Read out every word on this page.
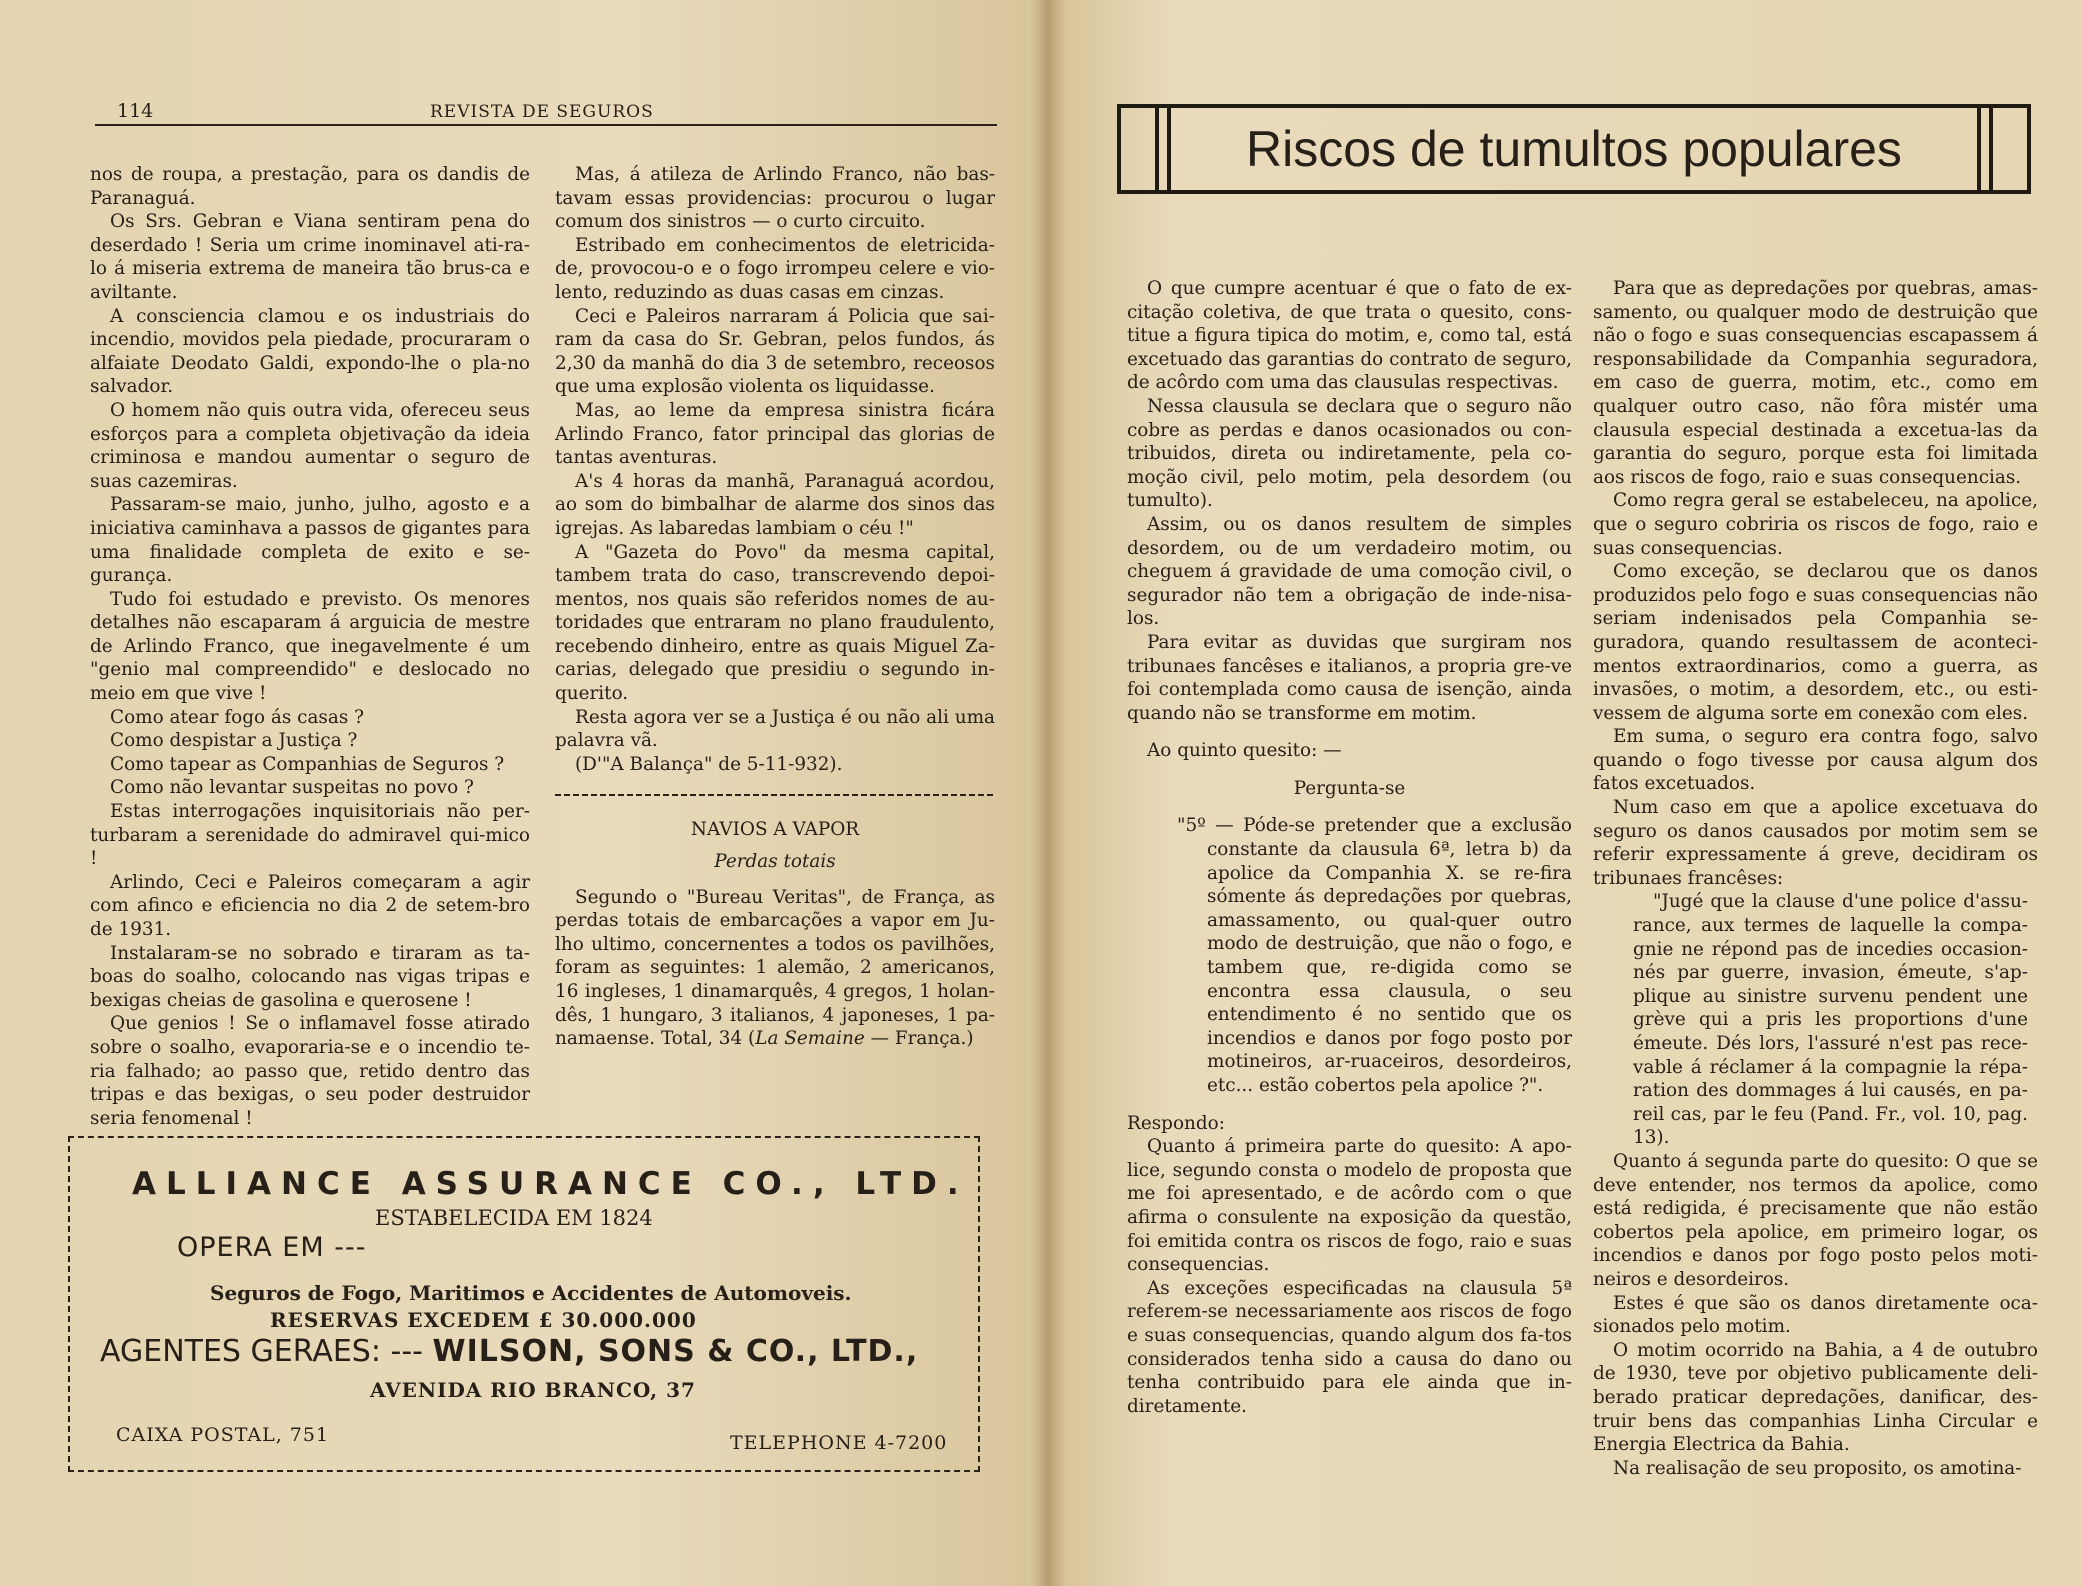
114	REVISTA DE SEGUROS

nos de roupa, a prestação, para os dandis de Paranaguá.

Os Srs. Gebran e Viana sentiram pena do deserdado ! Seria um crime inominavel ati-ra-lo á miseria extrema de maneira tão brus-ca e aviltante.

A consciencia clamou e os industriais do incendio, movidos pela piedade, procuraram o alfaiate Deodato Galdi, expondo-lhe o pla-no salvador.

O homem não quis outra vida, ofereceu seus esforços para a completa objetivação da ideia criminosa e mandou aumentar o seguro de suas cazemiras.

Passaram-se maio, junho, julho, agosto e a iniciativa caminhava a passos de gigantes para uma finalidade completa de exito e se-gurança.

Tudo foi estudado e previsto. Os menores detalhes não escaparam á arguicia de mestre de Arlindo Franco, que inegavelmente é um "genio mal compreendido" e deslocado no meio em que vive !

Como atear fogo ás casas ?

Como despistar a Justiça ?

Como tapear as Companhias de Seguros ?

Como não levantar suspeitas no povo ?

Estas interrogações inquisitoriais não per-turbaram a serenidade do admiravel qui-mico !

Arlindo, Ceci e Paleiros começaram a agir com afinco e eficiencia no dia 2 de setem-bro de 1931.

Instalaram-se no sobrado e tiraram as ta-boas do soalho, colocando nas vigas tripas e bexigas cheias de gasolina e querosene !

Que genios ! Se o inflamavel fosse atirado sobre o soalho, evaporaria-se e o incendio te-ria falhado; ao passo que, retido dentro das tripas e das bexigas, o seu poder destruidor seria fenomenal !

Mas, á atileza de Arlindo Franco, não bas-tavam essas providencias: procurou o lugar comum dos sinistros — o curto circuito.

Estribado em conhecimentos de eletricida-de, provocou-o e o fogo irrompeu celere e vio-lento, reduzindo as duas casas em cinzas.

Ceci e Paleiros narraram á Policia que sai-ram da casa do Sr. Gebran, pelos fundos, ás 2,30 da manhã do dia 3 de setembro, receosos que uma explosão violenta os liquidasse.

Mas, ao leme da empresa sinistra ficára Arlindo Franco, fator principal das glorias de tantas aventuras.

A's 4 horas da manhã, Paranaguá acordou, ao som do bimbalhar de alarme dos sinos das igrejas. As labaredas lambiam o céu !"

A "Gazeta do Povo" da mesma capital, tambem trata do caso, transcrevendo depoi-mentos, nos quais são referidos nomes de au-toridades que entraram no plano fraudulento, recebendo dinheiro, entre as quais Miguel Za-carias, delegado que presidiu o segundo in-querito.

Resta agora ver se a Justiça é ou não ali uma palavra vã.

(D'"A Balança" de 5-11-932).

NAVIOS A VAPOR

Perdas totais

Segundo o "Bureau Veritas", de França, as perdas totais de embarcações a vapor em Ju-lho ultimo, concernentes a todos os pavilhões, foram as seguintes: 1 alemão, 2 americanos, 16 ingleses, 1 dinamarquês, 4 gregos, 1 holan-dês, 1 hungaro, 3 italianos, 4 japoneses, 1 pa-namaense. Total, 34 (La Semaine — França.)

ALLIANCE ASSURANCE CO., LTD.
ESTABELECIDA EM 1824
OPERA EM ---
Seguros de Fogo, Maritimos e Accidentes de Automoveis.
RESERVAS EXCEDEM £ 30.000.000
AGENTES GERAES: --- WILSON, SONS & CO., LTD.,
AVENIDA RIO BRANCO, 37
CAIXA POSTAL, 751	TELEPHONE 4-7200
Riscos de tumultos populares

O que cumpre acentuar é que o fato de ex-citação coletiva, de que trata o quesito, cons-titue a figura tipica do motim, e, como tal, está excetuado das garantias do contrato de seguro, de acôrdo com uma das clausulas respectivas.

Nessa clausula se declara que o seguro não cobre as perdas e danos ocasionados ou con-tribuidos, direta ou indiretamente, pela co-moção civil, pelo motim, pela desordem (ou tumulto).

Assim, ou os danos resultem de simples desordem, ou de um verdadeiro motim, ou cheguem á gravidade de uma comoção civil, o segurador não tem a obrigação de inde-nisa-los.

Para evitar as duvidas que surgiram nos tribunaes fancêses e italianos, a propria gre-ve foi contemplada como causa de isenção, ainda quando não se transforme em motim.

Ao quinto quesito: —

Pergunta-se

"5º — Póde-se pretender que a exclusão constante da clausula 6ª, letra b) da apolice da Companhia X. se re-fira sómente ás depredações por quebras, amassamento, ou qual-quer outro modo de destruição, que não o fogo, e tambem que, re-digida como se encontra essa clausula, o seu entendimento é no sentido que os incendios e danos por fogo posto por motineiros, ar-ruaceiros, desordeiros, etc... estão cobertos pela apolice ?".

Respondo:

Quanto á primeira parte do quesito: A apo-lice, segundo consta o modelo de proposta que me foi apresentado, e de acôrdo com o que afirma o consulente na exposição da questão, foi emitida contra os riscos de fogo, raio e suas consequencias.

As exceções especificadas na clausula 5ª referem-se necessariamente aos riscos de fogo e suas consequencias, quando algum dos fa-tos considerados tenha sido a causa do dano ou tenha contribuido para ele ainda que in-diretamente.

Para que as depredações por quebras, amas-samento, ou qualquer modo de destruição que não o fogo e suas consequencias escapassem á responsabilidade da Companhia seguradora, em caso de guerra, motim, etc., como em qualquer outro caso, não fôra mistér uma clausula especial destinada a excetua-las da garantia do seguro, porque esta foi limitada aos riscos de fogo, raio e suas consequencias.

Como regra geral se estabeleceu, na apolice, que o seguro cobriria os riscos de fogo, raio e suas consequencias.

Como exceção, se declarou que os danos produzidos pelo fogo e suas consequencias não seriam indenisados pela Companhia se-guradora, quando resultassem de aconteci-mentos extraordinarios, como a guerra, as invasões, o motim, a desordem, etc., ou esti-vessem de alguma sorte em conexão com eles.

Em suma, o seguro era contra fogo, salvo quando o fogo tivesse por causa algum dos fatos excetuados.

Num caso em que a apolice excetuava do seguro os danos causados por motim sem se referir expressamente á greve, decidiram os tribunaes francêses:

"Jugé que la clause d'une police d'assu-rance, aux termes de laquelle la compa-gnie ne répond pas de incedies occasion-nés par guerre, invasion, émeute, s'ap-plique au sinistre survenu pendent une grève qui a pris les proportions d'une émeute. Dés lors, l'assuré n'est pas rece-vable á réclamer á la compagnie la répa-ration des dommages á lui causés, en pa-reil cas, par le feu (Pand. Fr., vol. 10, pag. 13).

Quanto á segunda parte do quesito: O que se deve entender, nos termos da apolice, como está redigida, é precisamente que não estão cobertos pela apolice, em primeiro logar, os incendios e danos por fogo posto pelos moti-neiros e desordeiros.

Estes é que são os danos diretamente oca-sionados pelo motim.

O motim ocorrido na Bahia, a 4 de outubro de 1930, teve por objetivo publicamente deli-berado praticar depredações, danificar, des-truir bens das companhias Linha Circular e Energia Electrica da Bahia.

Na realisação de seu proposito, os amotina-
